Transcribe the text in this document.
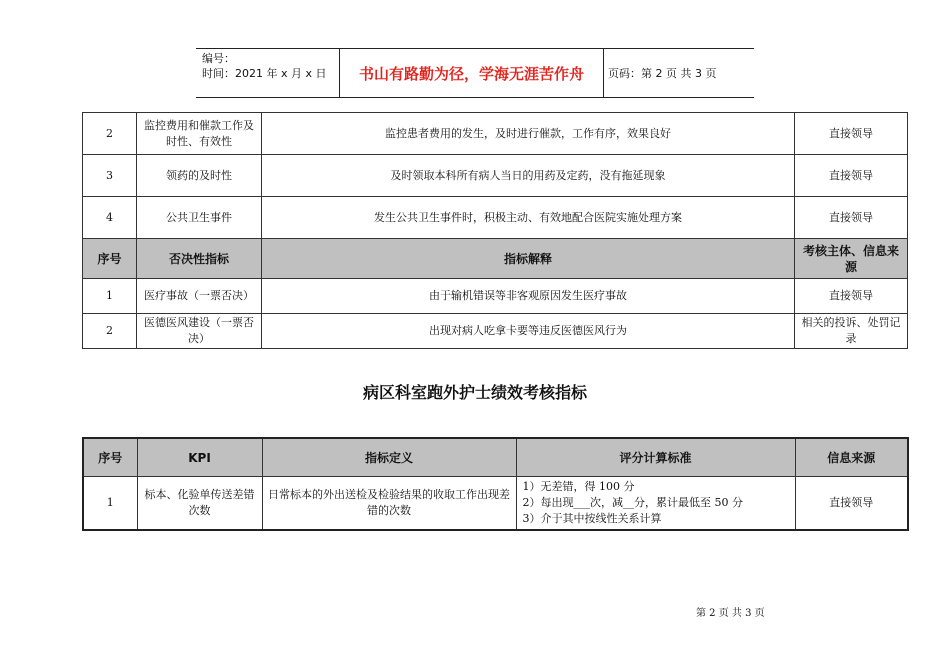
编号：
时间：2021 年 x 月 x 日	书山有路勤为径，学海无涯苦作舟	页码：第 2 页 共 3 页
2	监控费用和催款工作及时性、有效性	监控患者费用的发生，及时进行催款，工作有序，效果良好	直接领导
3	领药的及时性	及时领取本科所有病人当日的用药及定药，没有拖延现象	直接领导
4	公共卫生事件	发生公共卫生事件时，积极主动、有效地配合医院实施处理方案	直接领导
序号	否决性指标	指标解释	考核主体、信息来源
1	医疗事故（一票否决）	由于输机错误等非客观原因发生医疗事故	直接领导
2	医德医风建设（一票否决）	出现对病人吃拿卡要等违反医德医风行为	相关的投诉、处罚记录
病区科室跑外护士绩效考核指标
序号	KPI	指标定义	评分计算标准	信息来源
1	标本、化验单传送差错次数	日常标本的外出送检及检验结果的收取工作出现差错的次数	1）无差错，得 100 分
2）每出现___次，减__分，累计最低至 50 分
3）介于其中按线性关系计算	直接领导
第 2 页 共 3 页
